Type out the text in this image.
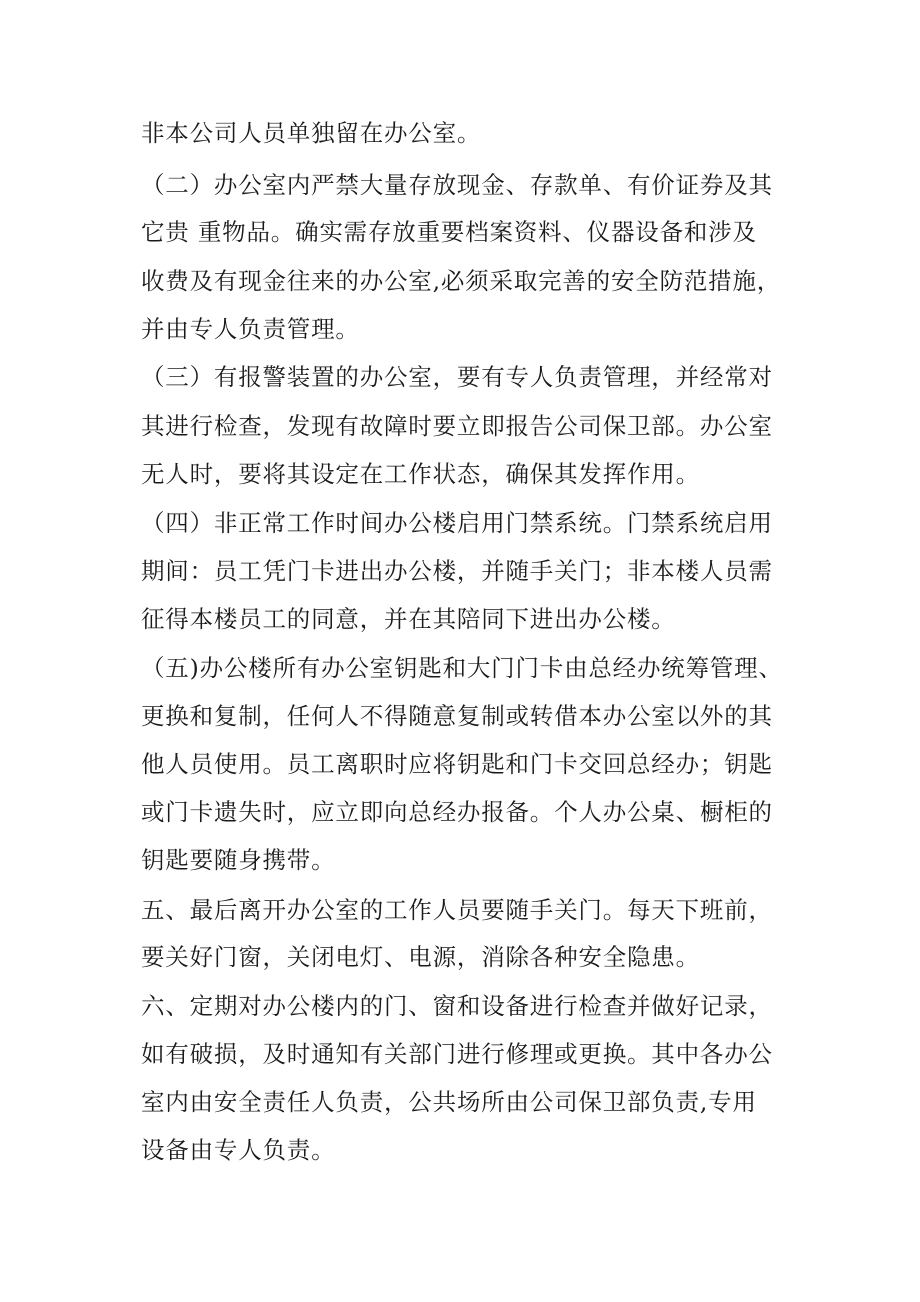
非本公司人员单独留在办公室。
（二）办公室内严禁大量存放现金、存款单、有价证券及其
它贵 重物品。确实需存放重要档案资料、仪器设备和涉及
收费及有现金往来的办公室,必须采取完善的安全防范措施，
并由专人负责管理。
（三）有报警装置的办公室，要有专人负责管理，并经常对
其进行检查，发现有故障时要立即报告公司保卫部。办公室
无人时，要将其设定在工作状态，确保其发挥作用。
（四）非正常工作时间办公楼启用门禁系统。门禁系统启用
期间：员工凭门卡进出办公楼，并随手关门；非本楼人员需
征得本楼员工的同意，并在其陪同下进出办公楼。
（五)办公楼所有办公室钥匙和大门门卡由总经办统筹管理、
更换和复制，任何人不得随意复制或转借本办公室以外的其
他人员使用。员工离职时应将钥匙和门卡交回总经办；钥匙
或门卡遗失时，应立即向总经办报备。个人办公桌、橱柜的
钥匙要随身携带。
五、最后离开办公室的工作人员要随手关门。每天下班前，
要关好门窗，关闭电灯、电源，消除各种安全隐患。
六、定期对办公楼内的门、窗和设备进行检查并做好记录，
如有破损，及时通知有关部门进行修理或更换。其中各办公
室内由安全责任人负责，公共场所由公司保卫部负责,专用
设备由专人负责。
